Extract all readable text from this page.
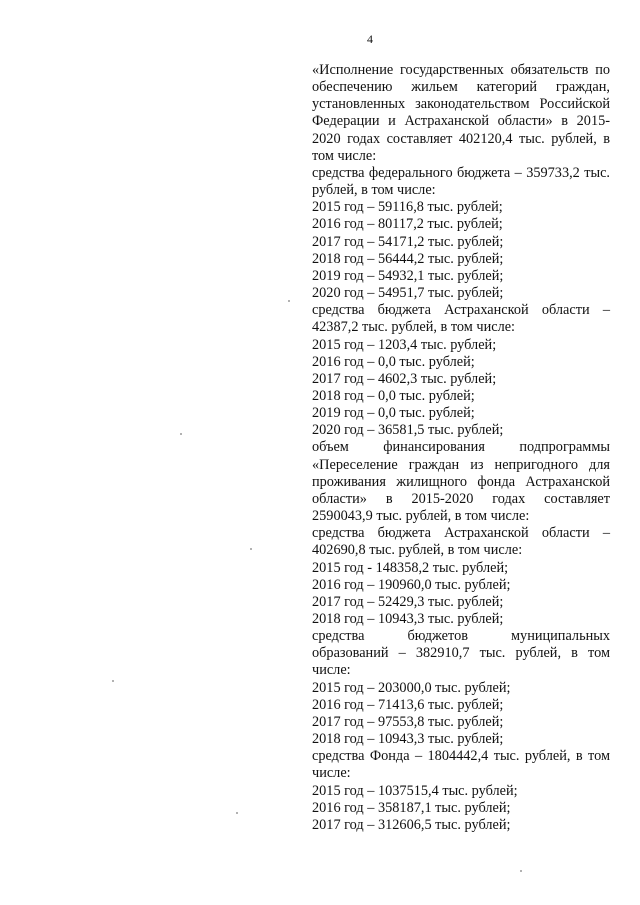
4

«Исполнение государственных обязательств по обеспечению жильем категорий граждан, установленных законодательством Российской Федерации и Астраханской области» в 2015-2020 годах составляет 402120,4 тыс. рублей, в том числе:

средства федерального бюджета – 359733,2 тыс. рублей, в том числе:

2015 год – 59116,8 тыс. рублей;

2016 год – 80117,2 тыс. рублей;

2017 год – 54171,2 тыс. рублей;

2018 год – 56444,2 тыс. рублей;

2019 год – 54932,1 тыс. рублей;

2020 год – 54951,7 тыс. рублей;

средства бюджета Астраханской области – 42387,2 тыс. рублей, в том числе:

2015 год – 1203,4 тыс. рублей;

2016 год – 0,0 тыс. рублей;

2017 год – 4602,3 тыс. рублей;

2018 год – 0,0 тыс. рублей;

2019 год – 0,0 тыс. рублей;

2020 год – 36581,5 тыс. рублей;

объем финансирования подпрограммы «Переселение граждан из непригодного для проживания жилищного фонда Астраханской области» в 2015-2020 годах составляет 2590043,9 тыс. рублей, в том числе:

средства бюджета Астраханской области – 402690,8 тыс. рублей, в том числе:

2015 год - 148358,2 тыс. рублей;

2016 год – 190960,0 тыс. рублей;

2017 год – 52429,3 тыс. рублей;

2018 год – 10943,3 тыс. рублей;

средства бюджетов муниципальных образований – 382910,7 тыс. рублей, в том числе:

2015 год – 203000,0 тыс. рублей;

2016 год – 71413,6 тыс. рублей;

2017 год – 97553,8 тыс. рублей;

2018 год – 10943,3 тыс. рублей;

средства Фонда – 1804442,4 тыс. рублей, в том числе:

2015 год – 1037515,4 тыс. рублей;

2016 год – 358187,1 тыс. рублей;

2017 год – 312606,5 тыс. рублей;
